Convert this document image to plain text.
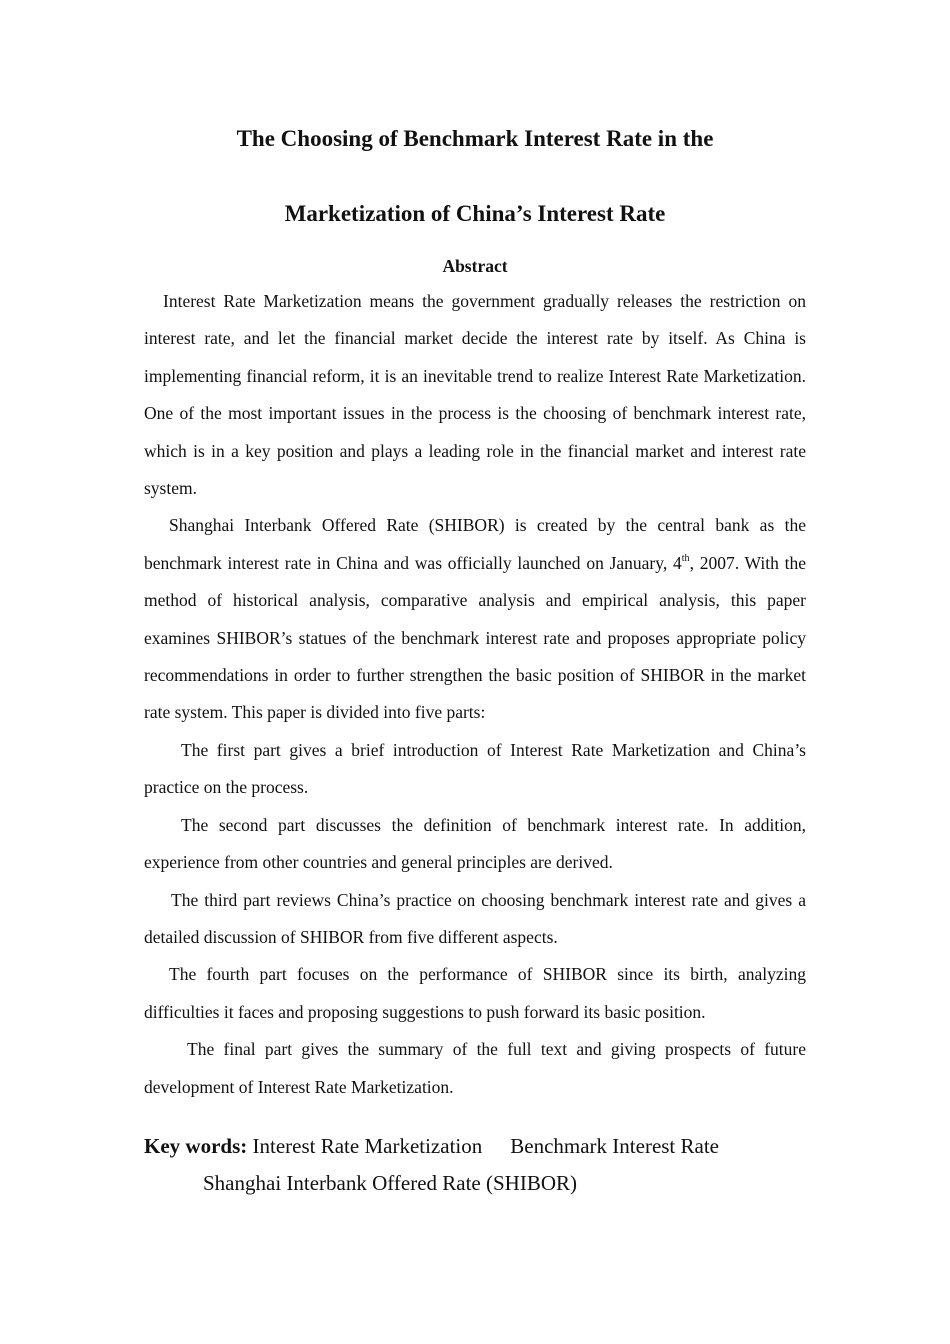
The Choosing of Benchmark Interest Rate in the
Marketization of China’s Interest Rate
Abstract

Interest Rate Marketization means the government gradually releases the restriction on interest rate, and let the financial market decide the interest rate by itself. As China is implementing financial reform, it is an inevitable trend to realize Interest Rate Marketization. One of the most important issues in the process is the choosing of benchmark interest rate, which is in a key position and plays a leading role in the financial market and interest rate system.

Shanghai Interbank Offered Rate (SHIBOR) is created by the central bank as the benchmark interest rate in China and was officially launched on January, 4th, 2007. With the method of historical analysis, comparative analysis and empirical analysis, this paper examines SHIBOR’s statues of the benchmark interest rate and proposes appropriate policy recommendations in order to further strengthen the basic position of SHIBOR in the market rate system. This paper is divided into five parts:

The first part gives a brief introduction of Interest Rate Marketization and China’s practice on the process.

The second part discusses the definition of benchmark interest rate. In addition, experience from other countries and general principles are derived.

The third part reviews China’s practice on choosing benchmark interest rate and gives a detailed discussion of SHIBOR from five different aspects.

The fourth part focuses on the performance of SHIBOR since its birth, analyzing difficulties it faces and proposing suggestions to push forward its basic position.

The final part gives the summary of the full text and giving prospects of future development of Interest Rate Marketization.

Key words: Interest Rate Marketization Benchmark Interest Rate
Shanghai Interbank Offered Rate (SHIBOR)
